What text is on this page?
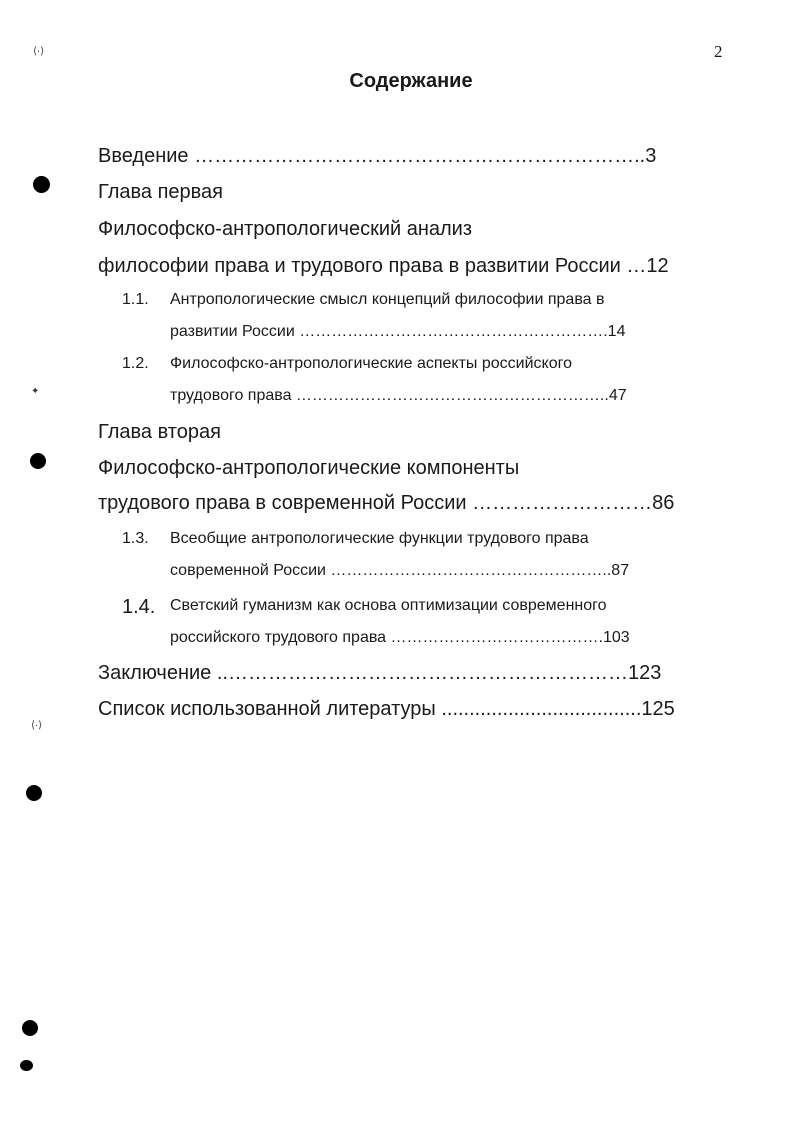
⟨·⟩
✦
⟨·⟩
2
Содержание
Введение …………………………………………………………..3
Глава первая
Философско-антропологический анализ
философии права и трудового права в развитии России …12
1.1. Антропологические смысл концепций философии права в
развитии России ………………………………………………….14
1.2. Философско-антропологические аспекты российского
трудового права …………………………………………………..47
Глава вторая
Философско-антропологические компоненты
трудового права в современной России ………………………86
1.3. Всеобщие антропологические функции трудового права
современной России ……………………………………………..87
1.4. Светский гуманизм как основа оптимизации современного
российского трудового права ………………………………….103
Заключение ..……………………………………………………123
Список использованной литературы ....................................125
